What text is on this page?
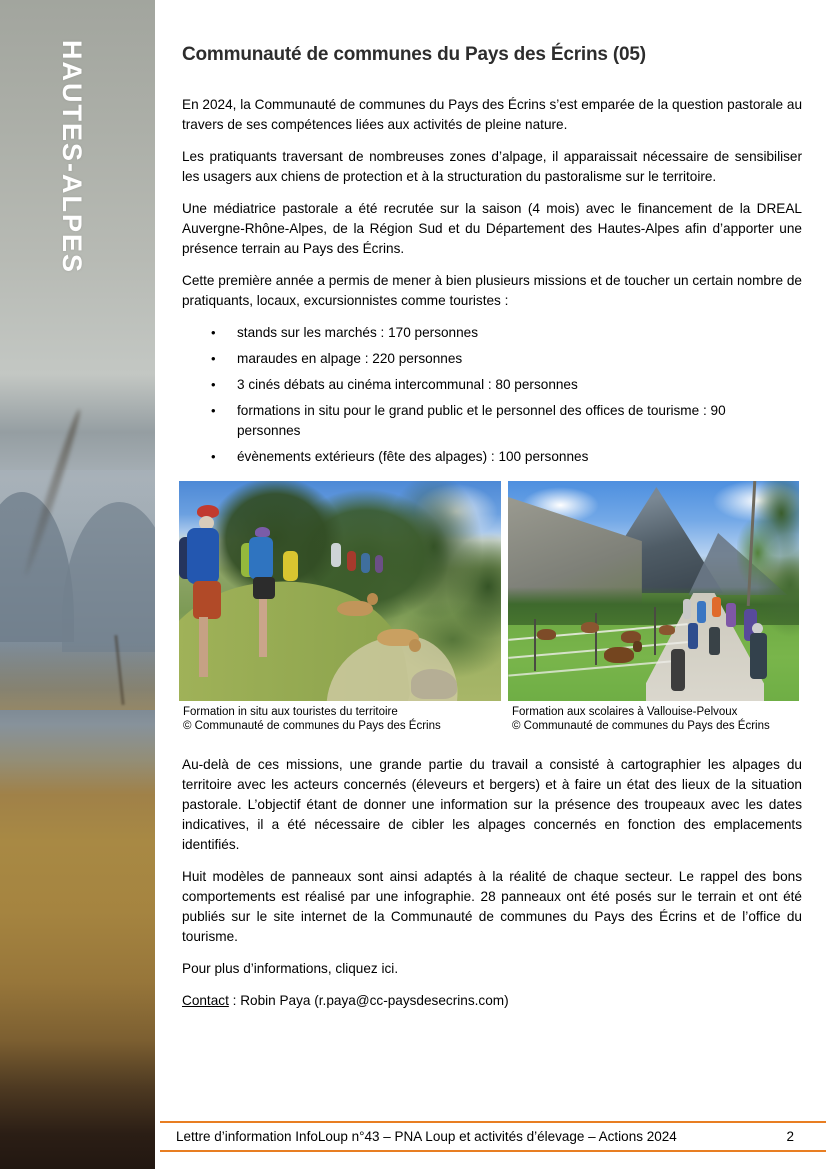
HAUTES-ALPES	Communauté de communes du Pays des Écrins (05)

En 2024, la Communauté de communes du Pays des Écrins s’est emparée de la question pastorale au travers de ses compétences liées aux activités de pleine nature.

Les pratiquants traversant de nombreuses zones d’alpage, il apparaissait nécessaire de sensibiliser les usagers aux chiens de protection et à la structuration du pastoralisme sur le territoire.

Une médiatrice pastorale a été recrutée sur la saison (4 mois) avec le financement de la DREAL Auvergne-Rhône-Alpes, de la Région Sud et du Département des Hautes-Alpes afin d’apporter une présence terrain au Pays des Écrins.

Cette première année a permis de mener à bien plusieurs missions et de toucher un certain nombre de pratiquants, locaux, excursionnistes comme touristes :

• stands sur les marchés : 170 personnes
• maraudes en alpage : 220 personnes
• 3 cinés débats au cinéma intercommunal : 80 personnes
• formations in situ pour le grand public et le personnel des offices de tourisme : 90 personnes
• évènements extérieurs (fête des alpages) : 100 personnes
Formation in situ aux touristes du territoire
© Communauté de communes du Pays des Écrins
Formation aux scolaires à Vallouise-Pelvoux
© Communauté de communes du Pays des Écrins

Au-delà de ces missions, une grande partie du travail a consisté à cartographier les alpages du territoire avec les acteurs concernés (éleveurs et bergers) et à faire un état des lieux de la situation pastorale. L’objectif étant de donner une information sur la présence des troupeaux avec les dates indicatives, il a été nécessaire de cibler les alpages concernés en fonction des emplacements identifiés.

Huit modèles de panneaux sont ainsi adaptés à la réalité de chaque secteur. Le rappel des bons comportements est réalisé par une infographie. 28 panneaux ont été posés sur le terrain et ont été publiés sur le site internet de la Communauté de communes du Pays des Écrins et de l’office du tourisme.

Pour plus d’informations, cliquez ici.

Contact : Robin Paya (r.paya@cc-paysdesecrins.com)

Lettre d’information InfoLoup n°43 – PNA Loup et activités d’élevage – Actions 2024	2
